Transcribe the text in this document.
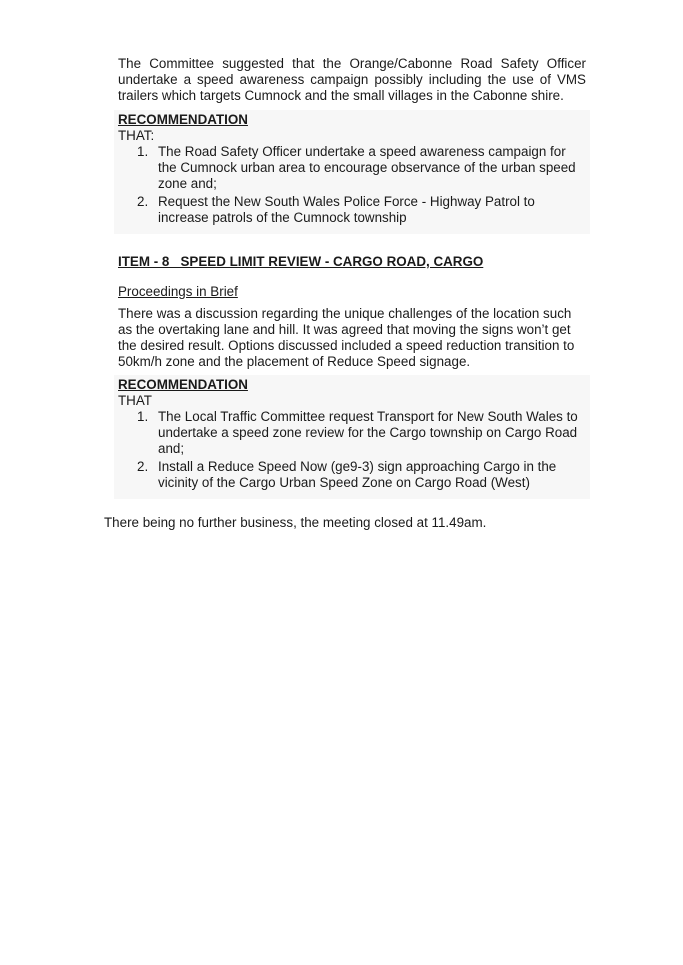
The Committee suggested that the Orange/Cabonne Road Safety Officer undertake a speed awareness campaign possibly including the use of VMS trailers which targets Cumnock and the small villages in the Cabonne shire.
RECOMMENDATION
THAT:
1. The Road Safety Officer undertake a speed awareness campaign for the Cumnock urban area to encourage observance of the urban speed zone and;
2. Request the New South Wales Police Force - Highway Patrol to increase patrols of the Cumnock township
ITEM - 8   SPEED LIMIT REVIEW - CARGO ROAD, CARGO
Proceedings in Brief
There was a discussion regarding the unique challenges of the location such as the overtaking lane and hill. It was agreed that moving the signs won’t get the desired result. Options discussed included a speed reduction transition to 50km/h zone and the placement of Reduce Speed signage.
RECOMMENDATION
THAT
1. The Local Traffic Committee request Transport for New South Wales to undertake a speed zone review for the Cargo township on Cargo Road and;
2. Install a Reduce Speed Now (ge9-3) sign approaching Cargo in the vicinity of the Cargo Urban Speed Zone on Cargo Road (West)
There being no further business, the meeting closed at 11.49am.
